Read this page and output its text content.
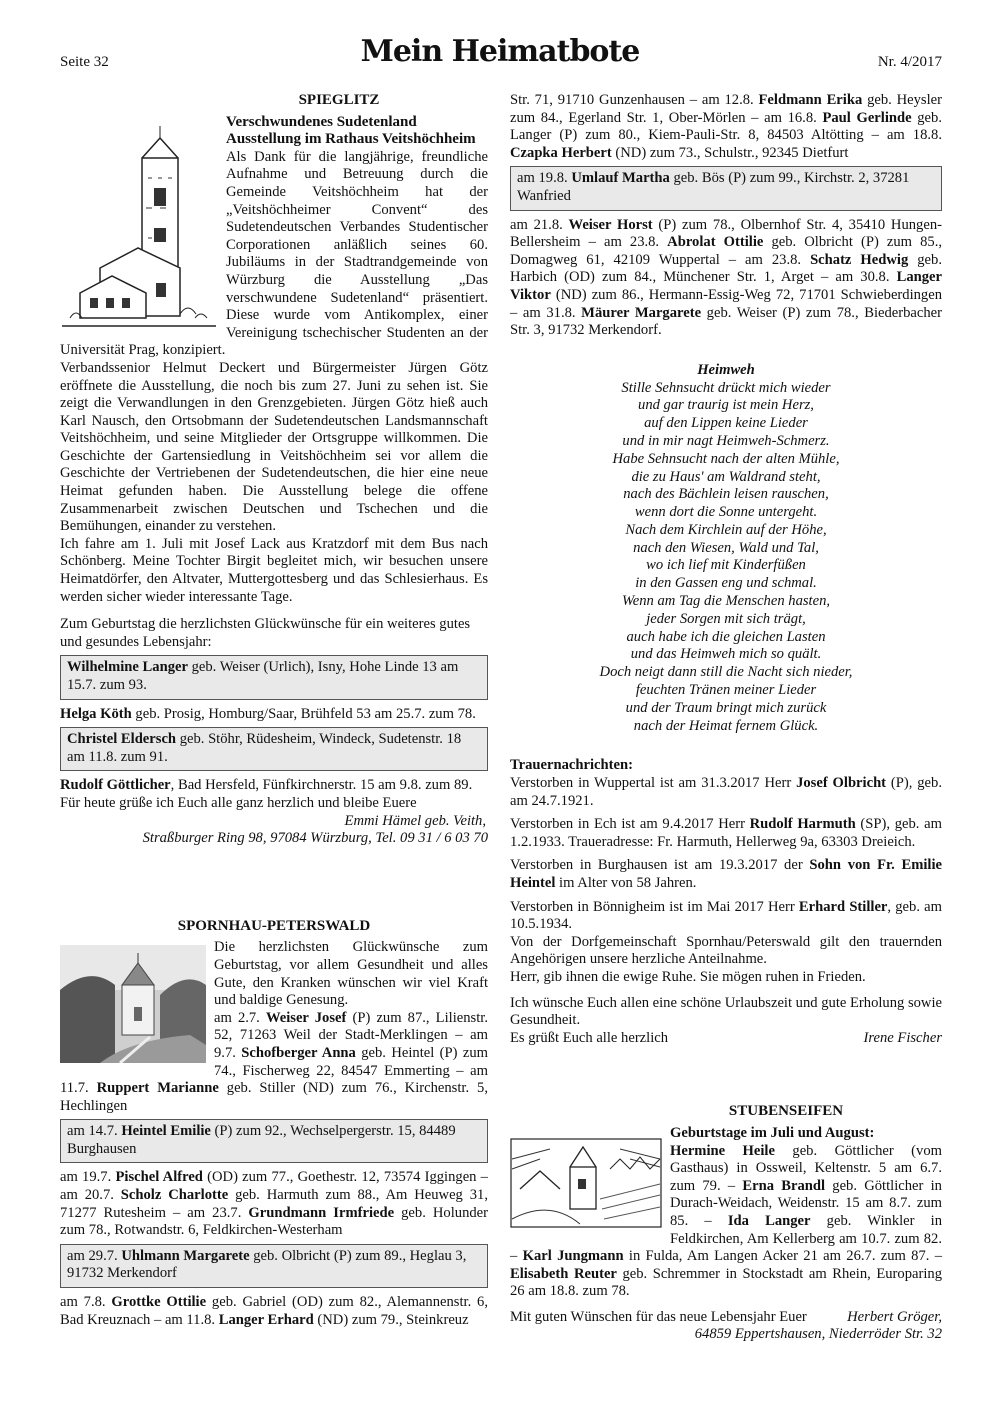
Seite 32	Mein Heimatbote	Nr. 4/2017

SPIEGLITZ

Verschwundenes Sudetenland

Ausstellung im Rathaus Veitshöchheim

Als Dank für die langjährige, freundliche Aufnahme und Betreuung durch die Gemeinde Veitshöchheim hat der „Veitshöchheimer Convent“ des Sudetendeutschen Verbandes Studentischer Corporationen anläßlich seines 60. Jubiläums in der Stadtrandgemeinde von Würzburg die Ausstellung „Das verschwundene Sudetenland“ präsentiert. Diese wurde vom Antikomplex, einer Vereinigung tschechischer Studenten an der Universität Prag, konzipiert.

Verbandssenior Helmut Deckert und Bürgermeister Jürgen Götz eröffnete die Ausstellung, die noch bis zum 27. Juni zu sehen ist. Sie zeigt die Verwandlungen in den Grenzgebieten. Jürgen Götz hieß auch Karl Nausch, den Ortsobmann der Sudetendeutschen Landsmannschaft Veitshöchheim, und seine Mitglieder der Ortsgruppe willkommen. Die Geschichte der Gartensiedlung in Veitshöchheim sei vor allem die Geschichte der Vertriebenen der Sudetendeutschen, die hier eine neue Heimat gefunden haben. Die Ausstellung belege die offene Zusammenarbeit zwischen Deutschen und Tschechen und die Bemühungen, einander zu verstehen.

Ich fahre am 1. Juli mit Josef Lack aus Kratzdorf mit dem Bus nach Schönberg. Meine Tochter Birgit begleitet mich, wir besuchen unsere Heimatdörfer, den Altvater, Muttergottesberg und das Schlesierhaus. Es werden sicher wieder interessante Tage.

Zum Geburtstag die herzlichsten Glückwünsche für ein weiteres gutes und gesundes Lebensjahr:

Wilhelmine Langer geb. Weiser (Urlich), Isny, Hohe Linde 13 am 15.7. zum 93.

Helga Köth geb. Prosig, Homburg/Saar, Brühfeld 53 am 25.7. zum 78.

Christel Eldersch geb. Stöhr, Rüdesheim, Windeck, Sudetenstr. 18 am 11.8. zum 91.

Rudolf Göttlicher, Bad Hersfeld, Fünfkirchnerstr. 15 am 9.8. zum 89.

Für heute grüße ich Euch alle ganz herzlich und bleibe Euere

Emmi Hämel geb. Veith,

Straßburger Ring 98, 97084 Würzburg, Tel. 09 31 / 6 03 70

SPORNHAU-PETERSWALD

Die herzlichsten Glückwünsche zum Geburtstag, vor allem Gesundheit und alles Gute, den Kranken wünschen wir viel Kraft und baldige Genesung.

am 2.7. Weiser Josef (P) zum 87., Lilienstr. 52, 71263 Weil der Stadt-Merklingen – am 9.7. Schofberger Anna geb. Heintel (P) zum 74., Fischerweg 22, 84547 Emmerting – am 11.7. Ruppert Marianne geb. Stiller (ND) zum 76., Kirchenstr. 5, Hechlingen

am 14.7. Heintel Emilie (P) zum 92., Wechselpergerstr. 15, 84489 Burghausen

am 19.7. Pischel Alfred (OD) zum 77., Goethestr. 12, 73574 Iggingen – am 20.7. Scholz Charlotte geb. Harmuth zum 88., Am Heuweg 31, 71277 Rutesheim – am 23.7. Grundmann Irmfriede geb. Holunder zum 78., Rotwandstr. 6, Feldkirchen-Westerham

am 29.7. Uhlmann Margarete geb. Olbricht (P) zum 89., Heglau 3, 91732 Merkendorf

am 7.8. Grottke Ottilie geb. Gabriel (OD) zum 82., Alemannenstr. 6, Bad Kreuznach – am 11.8. Langer Erhard (ND) zum 79., Steinkreuz

Str. 71, 91710 Gunzenhausen – am 12.8. Feldmann Erika geb. Heysler zum 84., Egerland Str. 1, Ober-Mörlen – am 16.8. Paul Gerlinde geb. Langer (P) zum 80., Kiem-Pauli-Str. 8, 84503 Altötting – am 18.8. Czapka Herbert (ND) zum 73., Schulstr., 92345 Dietfurt

am 19.8. Umlauf Martha geb. Bös (P) zum 99., Kirchstr. 2, 37281 Wanfried

am 21.8. Weiser Horst (P) zum 78., Olbernhof Str. 4, 35410 Hungen-Bellersheim – am 23.8. Abrolat Ottilie geb. Olbricht (P) zum 85., Domagweg 61, 42109 Wuppertal – am 23.8. Schatz Hedwig geb. Harbich (OD) zum 84., Münchener Str. 1, Arget – am 30.8. Langer Viktor (ND) zum 86., Hermann-Essig-Weg 72, 71701 Schwieberdingen – am 31.8. Mäurer Margarete geb. Weiser (P) zum 78., Biederbacher Str. 3, 91732 Merkendorf.

Heimweh
Stille Sehnsucht drückt mich wieder
und gar traurig ist mein Herz,
auf den Lippen keine Lieder
und in mir nagt Heimweh-Schmerz.
Habe Sehnsucht nach der alten Mühle,
die zu Haus' am Waldrand steht,
nach des Bächlein leisen rauschen,
wenn dort die Sonne untergeht.
Nach dem Kirchlein auf der Höhe,
nach den Wiesen, Wald und Tal,
wo ich lief mit Kinderfüßen
in den Gassen eng und schmal.
Wenn am Tag die Menschen hasten,
jeder Sorgen mit sich trägt,
auch habe ich die gleichen Lasten
und das Heimweh mich so quält.
Doch neigt dann still die Nacht sich nieder,
feuchten Tränen meiner Lieder
und der Traum bringt mich zurück
nach der Heimat fernem Glück.

Trauernachrichten:

Verstorben in Wuppertal ist am 31.3.2017 Herr Josef Olbricht (P), geb. am 24.7.1921.

Verstorben in Ech ist am 9.4.2017 Herr Rudolf Harmuth (SP), geb. am 1.2.1933. Traueradresse: Fr. Harmuth, Hellerweg 9a, 63303 Dreieich.

Verstorben in Burghausen ist am 19.3.2017 der Sohn von Fr. Emilie Heintel im Alter von 58 Jahren.

Verstorben in Bönnigheim ist im Mai 2017 Herr Erhard Stiller, geb. am 10.5.1934.

Von der Dorfgemeinschaft Spornhau/Peterswald gilt den trauernden Angehörigen unsere herzliche Anteilnahme.

Herr, gib ihnen die ewige Ruhe. Sie mögen ruhen in Frieden.

Ich wünsche Euch allen eine schöne Urlaubszeit und gute Erholung sowie Gesundheit.

Es grüßt Euch alle herzlich	Irene Fischer

STUBENSEIFEN

Geburtstage im Juli und August:

Hermine Heile geb. Göttlicher (vom Gasthaus) in Ossweil, Keltenstr. 5 am 6.7. zum 79. – Erna Brandl geb. Göttlicher in Durach-Weidach, Weidenstr. 15 am 8.7. zum 85. – Ida Langer geb. Winkler in Feldkirchen, Am Kellerberg am 10.7. zum 82. – Karl Jungmann in Fulda, Am Langen Acker 21 am 26.7. zum 87. – Elisabeth Reuter geb. Schremmer in Stockstadt am Rhein, Europaring 26 am 18.8. zum 78.

Mit guten Wünschen für das neue Lebensjahr Euer	Herbert Gröger,

64859 Eppertshausen, Niederröder Str. 32
